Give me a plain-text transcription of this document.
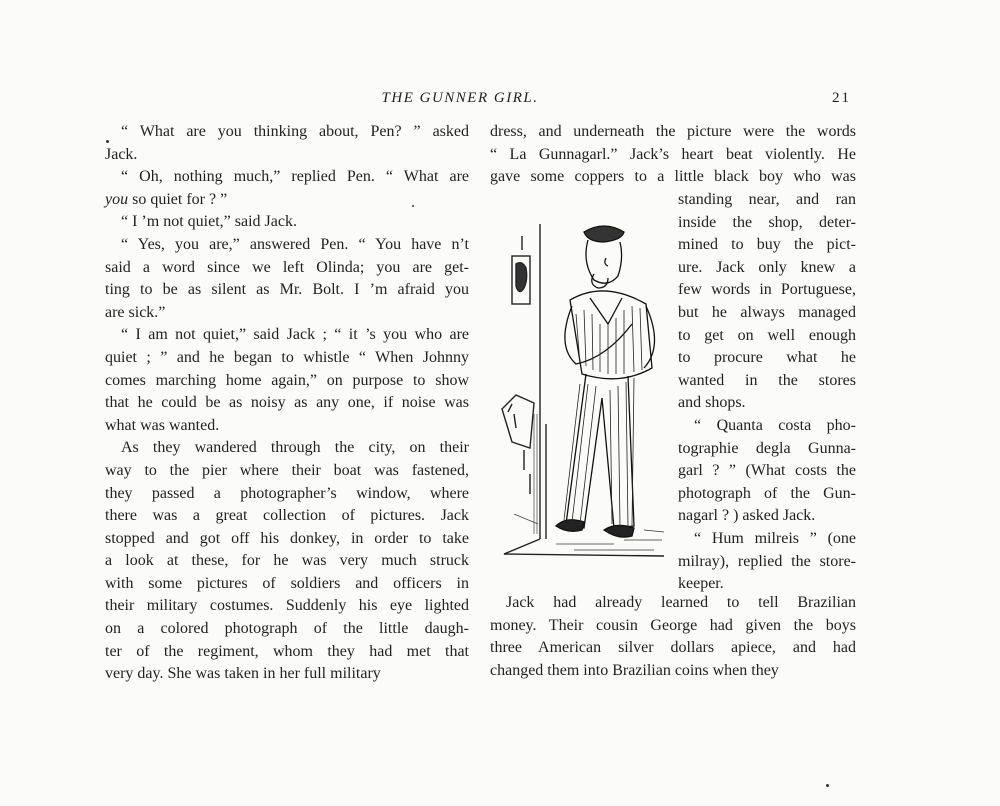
THE GUNNER GIRL.	21
“ What are you thinking about, Pen? ” asked
Jack.
“ Oh, nothing much,” replied Pen. “ What are
you so quiet for ? ”
“ I ’m not quiet,” said Jack.
“ Yes, you are,” answered Pen. “ You have n’t
said a word since we left Olinda; you are get-
ting to be as silent as Mr. Bolt. I ’m afraid you
are sick.”
“ I am not quiet,” said Jack ; “ it ’s you who are
quiet ; ” and he began to whistle “ When Johnny
comes marching home again,” on purpose to show
that he could be as noisy as any one, if noise was
what was wanted.
As they wandered through the city, on their
way to the pier where their boat was fastened,
they passed a photographer’s window, where
there was a great collection of pictures. Jack
stopped and got off his donkey, in order to take
a look at these, for he was very much struck
with some pictures of soldiers and officers in
their military costumes. Suddenly his eye lighted
on a colored photograph of the little daugh-
ter of the regiment, whom they had met that
very day. She was taken in her full military
dress, and underneath the picture were the words
“ La Gunnagarl.” Jack’s heart beat violently. He
gave some coppers to a little black boy who was
standing near, and ran
inside the shop, deter-
mined to buy the pict-
ure. Jack only knew a
few words in Portuguese,
but he always managed
to get on well enough
to procure what he
wanted in the stores
and shops.
“ Quanta costa pho-
tographie degla Gunna-
garl ? ” (What costs the
photograph of the Gun-
nagarl ? ) asked Jack.
“ Hum milreis ” (one
milray), replied the store-
keeper.
Jack had already learned to tell Brazilian
money. Their cousin George had given the boys
three American silver dollars apiece, and had
changed them into Brazilian coins when they
